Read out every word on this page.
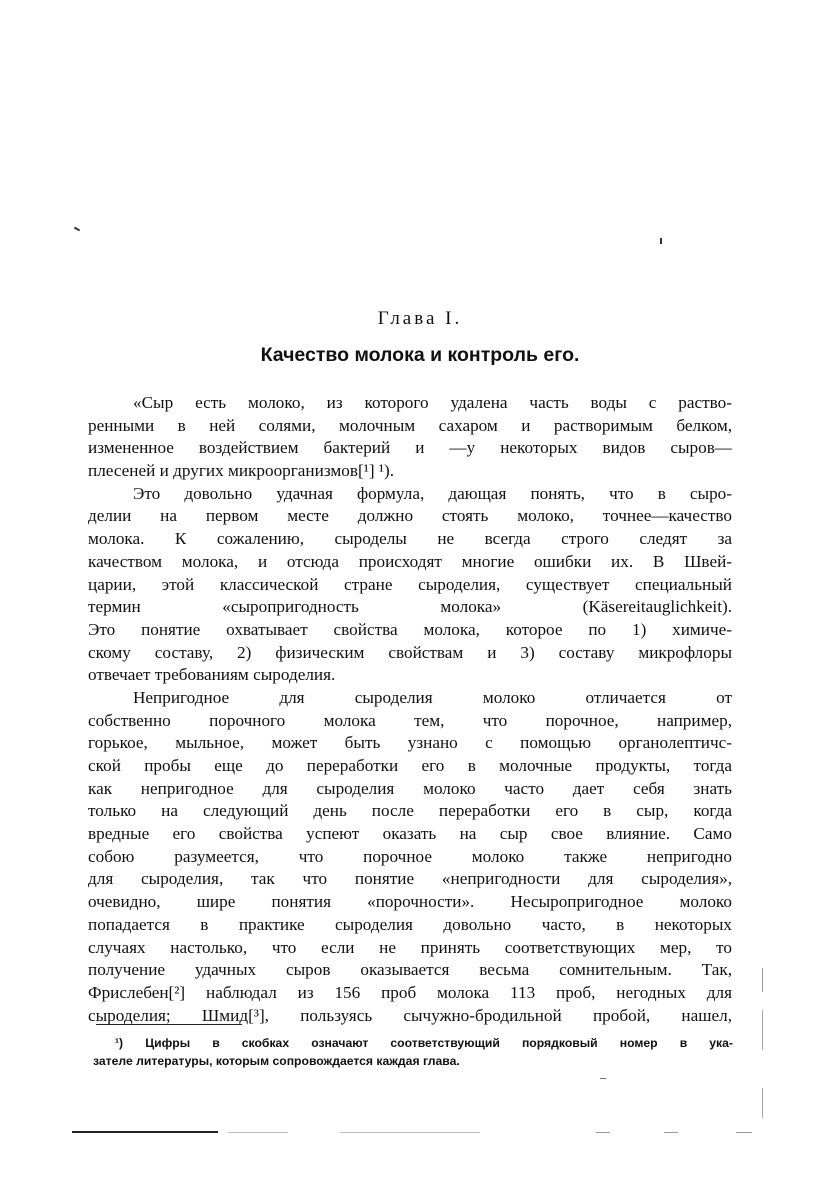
Глава I.
Качество молока и контроль его.
«Сыр есть молоко, из которого удалена часть воды с раство-
ренными в ней солями, молочным сахаром и растворимым белком,
измененное воздействием бактерий и —у некоторых видов сыров—
плесеней и других микроорганизмов[¹] ¹).
Это довольно удачная формула, дающая понять, что в сыро-
делии на первом месте должно стоять молоко, точнее—качество
молока. К сожалению, сыроделы не всегда строго следят за
качеством молока, и отсюда происходят многие ошибки их. В Швей-
царии, этой классической стране сыроделия, существует специальный
термин «сыропригодность молока» (Käsereitauglichkeit).
Это понятие охватывает свойства молока, которое по 1) химиче-
скому составу, 2) физическим свойствам и 3) составу микрофлоры
отвечает требованиям сыроделия.
Непригодное для сыроделия молоко отличается от
собственно порочного молока тем, что порочное, например,
горькое, мыльное, может быть узнано с помощью органолептичс-
ской пробы еще до переработки его в молочные продукты, тогда
как непригодное для сыроделия молоко часто дает себя знать
только на следующий день после переработки его в сыр, когда
вредные его свойства успеют оказать на сыр свое влияние. Само
собою разумеется, что порочное молоко также непригодно
для сыроделия, так что понятие «непригодности для сыроделия»,
очевидно, шире понятия «порочности». Несыропригодное молоко
попадается в практике сыроделия довольно часто, в некоторых
случаях настолько, что если не принять соответствующих мер, то
получение удачных сыров оказывается весьма сомнительным. Так,
Фрислебен[²] наблюдал из 156 проб молока 113 проб, негодных для
сыроделия; Шмид[³], пользуясь сычужно-бродильной пробой, нашел,
¹) Цифры в скобках означают соответствующий порядковый номер в ука-
зателе литературы, которым сопровождается каждая глава.
